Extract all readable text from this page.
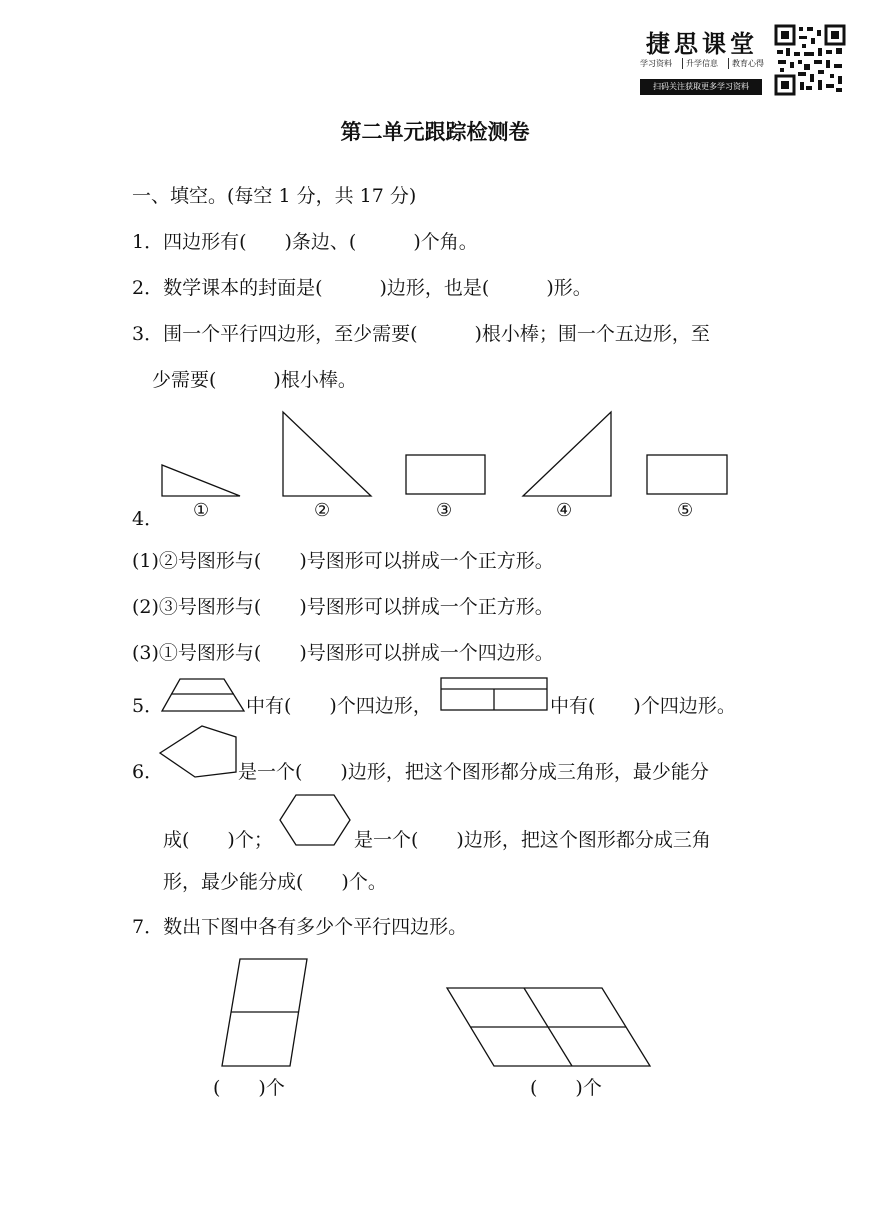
捷思课堂
学习资料	升学信息	教育心得
扫码关注获取更多学习资料
第二单元跟踪检测卷
一、填空。(每空 1 分，共 17 分)
1．四边形有(　　)条边、(　　　)个角。
2．数学课本的封面是(　　　)边形，也是(　　　)形。
3．围一个平行四边形，至少需要(　　　)根小棒；围一个五边形，至
少需要(　　　)根小棒。
4． ①	②	③	④	⑤
(1)②号图形与(　　)号图形可以拼成一个正方形。
(2)③号图形与(　　)号图形可以拼成一个正方形。
(3)①号图形与(　　)号图形可以拼成一个四边形。
5．	中有(　　)个四边形，	中有(　　)个四边形。
6．	是一个(　　)边形，把这个图形都分成三角形，最少能分
成(　　)个；	是一个(　　)边形，把这个图形都分成三角
形，最少能分成(　　)个。
7．数出下图中各有多少个平行四边形。
(　　)个	(　　)个
